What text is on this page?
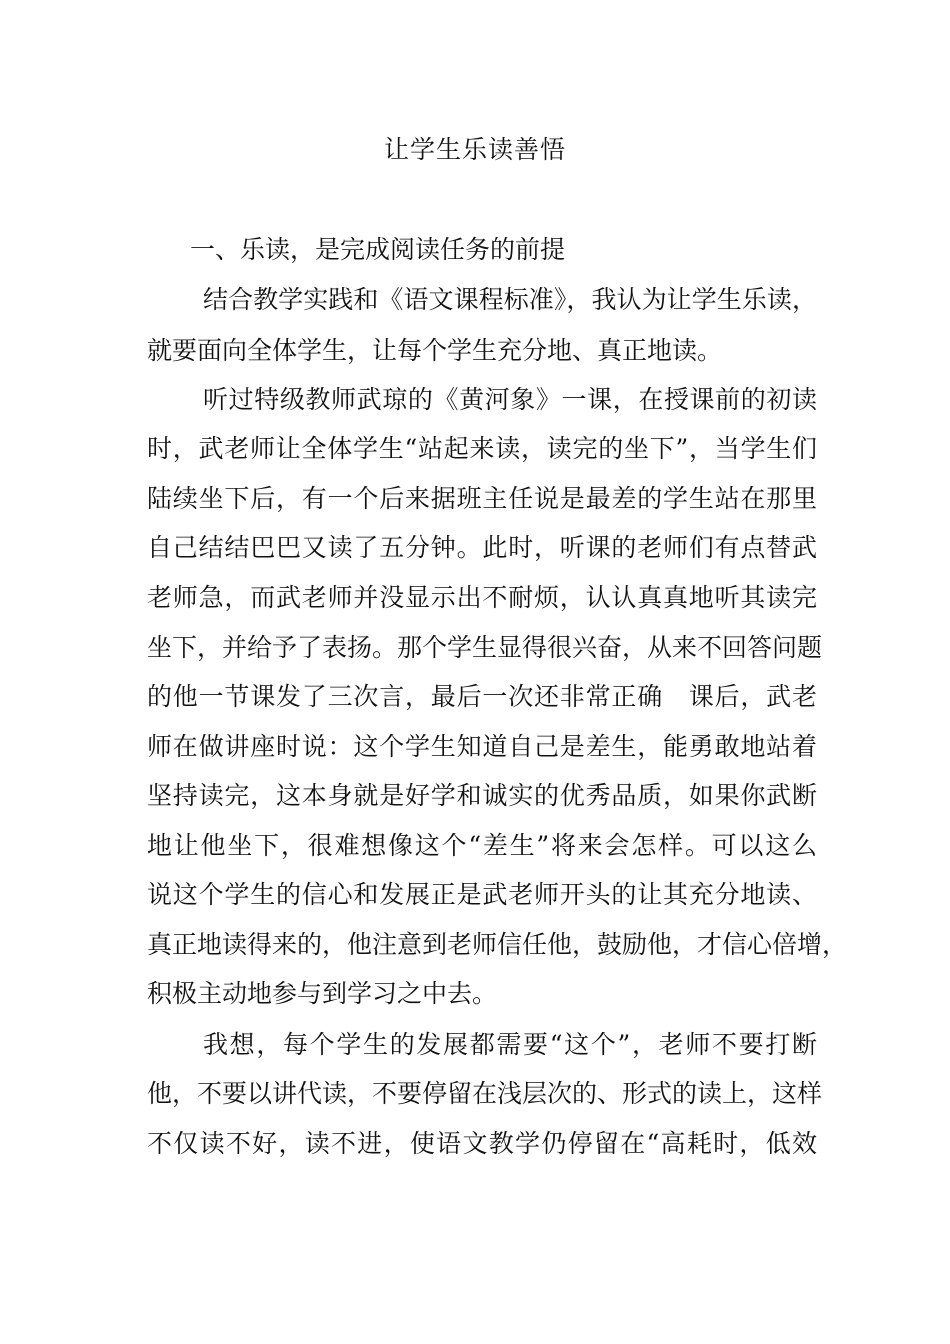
让学生乐读善悟
一、乐读，是完成阅读任务的前提
结合教学实践和《语文课程标准》，我认为让学生乐读，
就要面向全体学生，让每个学生充分地、真正地读。
听过特级教师武琼的《黄河象》一课，在授课前的初读
时，武老师让全体学生“站起来读，读完的坐下”，当学生们
陆续坐下后，有一个后来据班主任说是最差的学生站在那里
自己结结巴巴又读了五分钟。此时，听课的老师们有点替武
老师急，而武老师并没显示出不耐烦，认认真真地听其读完
坐下，并给予了表扬。那个学生显得很兴奋，从来不回答问题
的他一节课发了三次言，最后一次还非常正确　课后，武老
师在做讲座时说：这个学生知道自己是差生，能勇敢地站着
坚持读完，这本身就是好学和诚实的优秀品质，如果你武断
地让他坐下，很难想像这个“差生”将来会怎样。可以这么
说这个学生的信心和发展正是武老师开头的让其充分地读、
真正地读得来的，他注意到老师信任他，鼓励他，才信心倍增，
积极主动地参与到学习之中去。
我想，每个学生的发展都需要“这个”，老师不要打断
他，不要以讲代读，不要停留在浅层次的、形式的读上，这样
不仅读不好，读不进，使语文教学仍停留在“高耗时，低效
